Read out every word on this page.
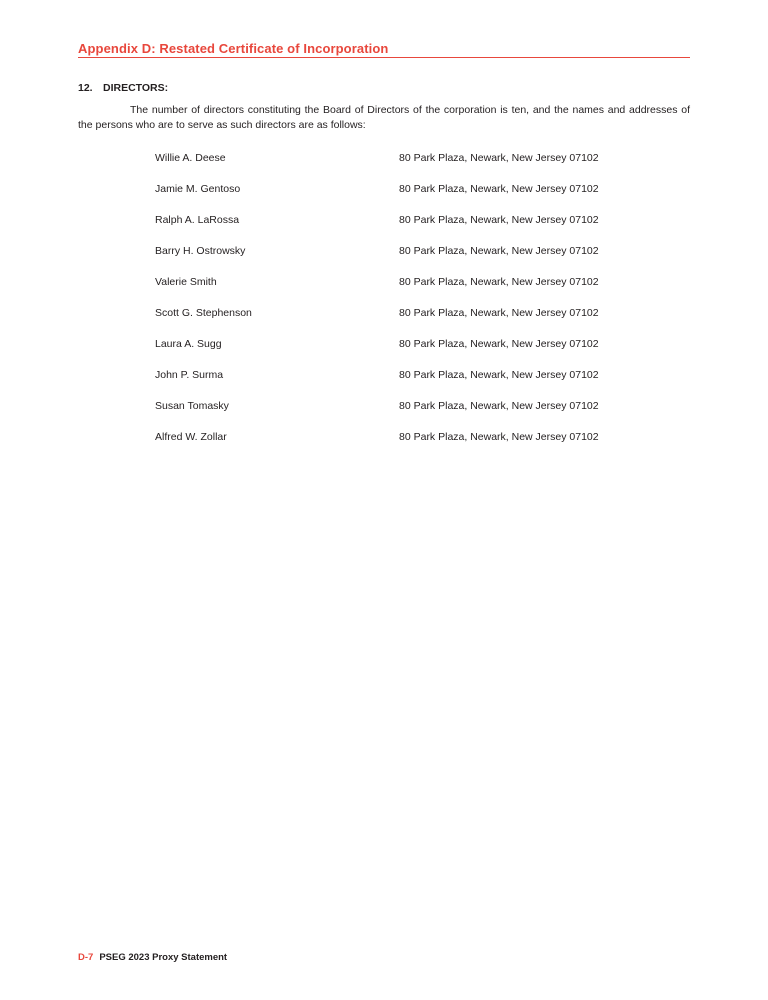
Appendix D: Restated Certificate of Incorporation
12. DIRECTORS:

The number of directors constituting the Board of Directors of the corporation is ten, and the names and addresses of the persons who are to serve as such directors are as follows:

Willie A. Deese	80 Park Plaza, Newark, New Jersey 07102
Jamie M. Gentoso	80 Park Plaza, Newark, New Jersey 07102
Ralph A. LaRossa	80 Park Plaza, Newark, New Jersey 07102
Barry H. Ostrowsky	80 Park Plaza, Newark, New Jersey 07102
Valerie Smith	80 Park Plaza, Newark, New Jersey 07102
Scott G. Stephenson	80 Park Plaza, Newark, New Jersey 07102
Laura A. Sugg	80 Park Plaza, Newark, New Jersey 07102
John P. Surma	80 Park Plaza, Newark, New Jersey 07102
Susan Tomasky	80 Park Plaza, Newark, New Jersey 07102
Alfred W. Zollar	80 Park Plaza, Newark, New Jersey 07102
D-7 PSEG 2023 Proxy Statement
